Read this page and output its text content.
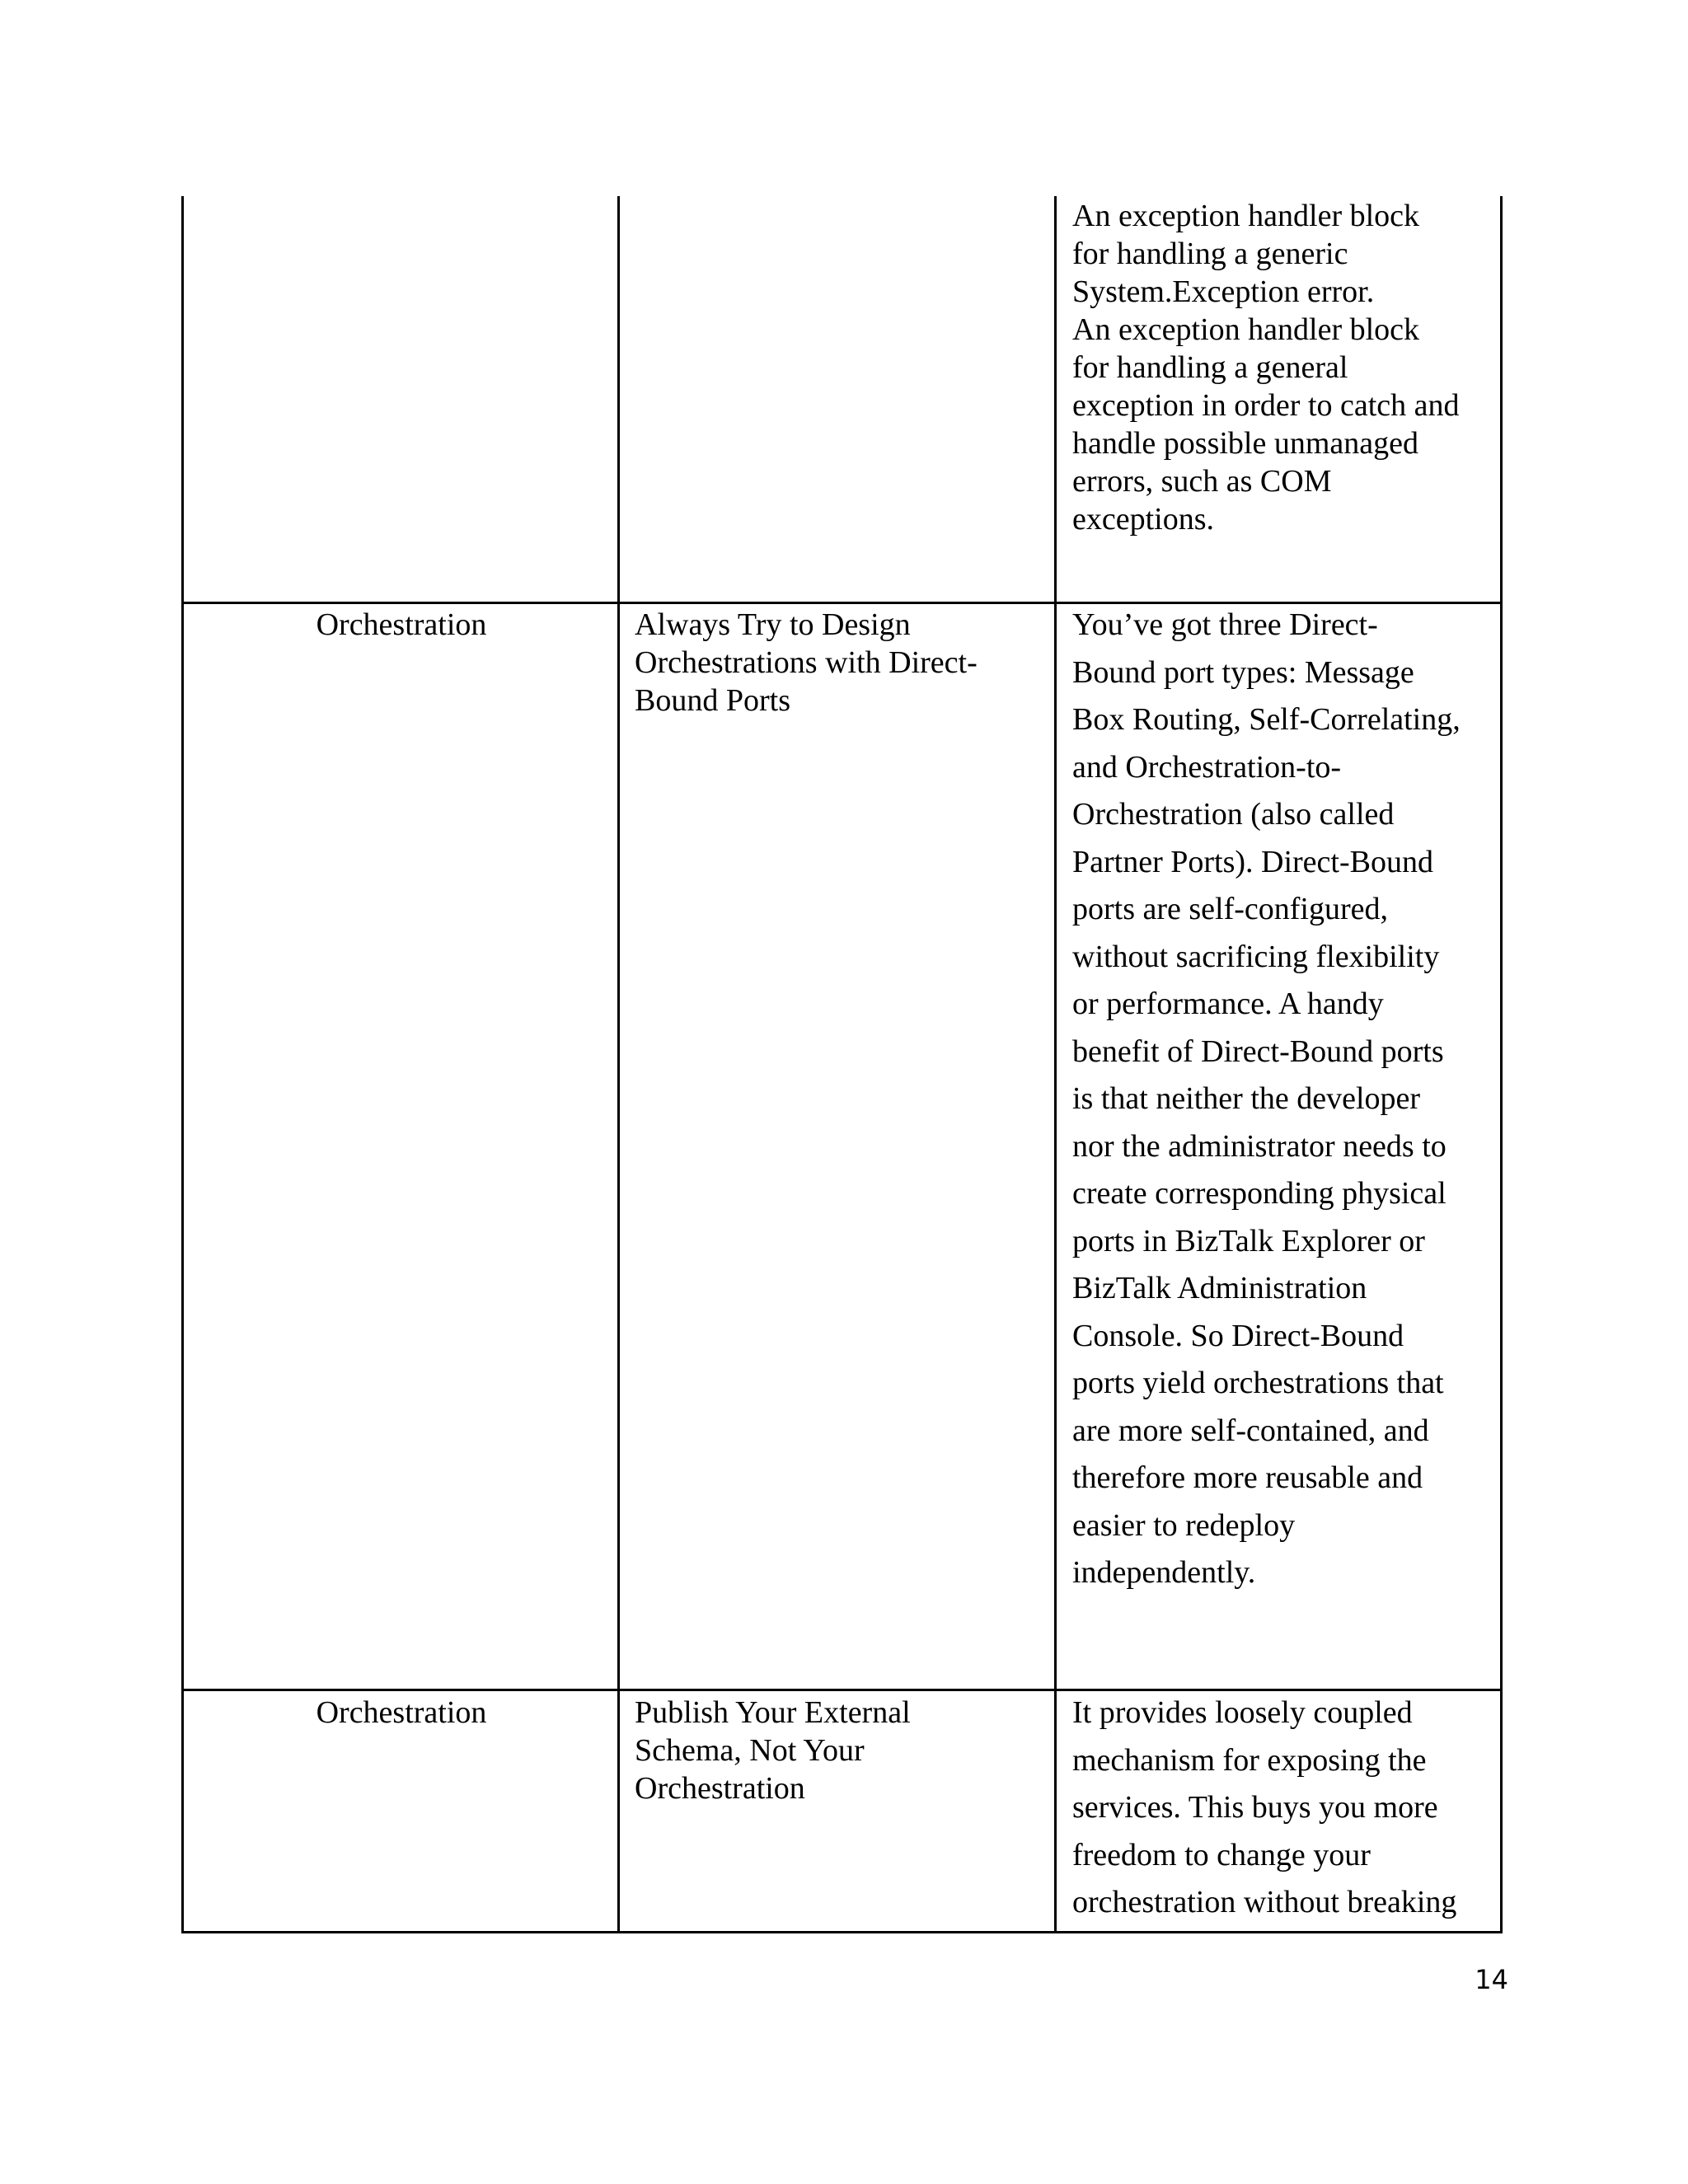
An exception handler block
for handling a generic
System.Exception error.
An exception handler block
for handling a general
exception in order to catch and
handle possible unmanaged
errors, such as COM
exceptions.
Orchestration	Always Try to Design
Orchestrations with Direct-
Bound Ports
You’ve got three Direct-
Bound port types: Message
Box Routing, Self-Correlating,
and Orchestration-to-
Orchestration (also called
Partner Ports). Direct-Bound
ports are self-configured,
without sacrificing flexibility
or performance. A handy
benefit of Direct-Bound ports
is that neither the developer
nor the administrator needs to
create corresponding physical
ports in BizTalk Explorer or
BizTalk Administration
Console. So Direct-Bound
ports yield orchestrations that
are more self-contained, and
therefore more reusable and
easier to redeploy
independently.
Orchestration	Publish Your External
Schema, Not Your
Orchestration
It provides loosely coupled
mechanism for exposing the
services. This buys you more
freedom to change your
orchestration without breaking
14
